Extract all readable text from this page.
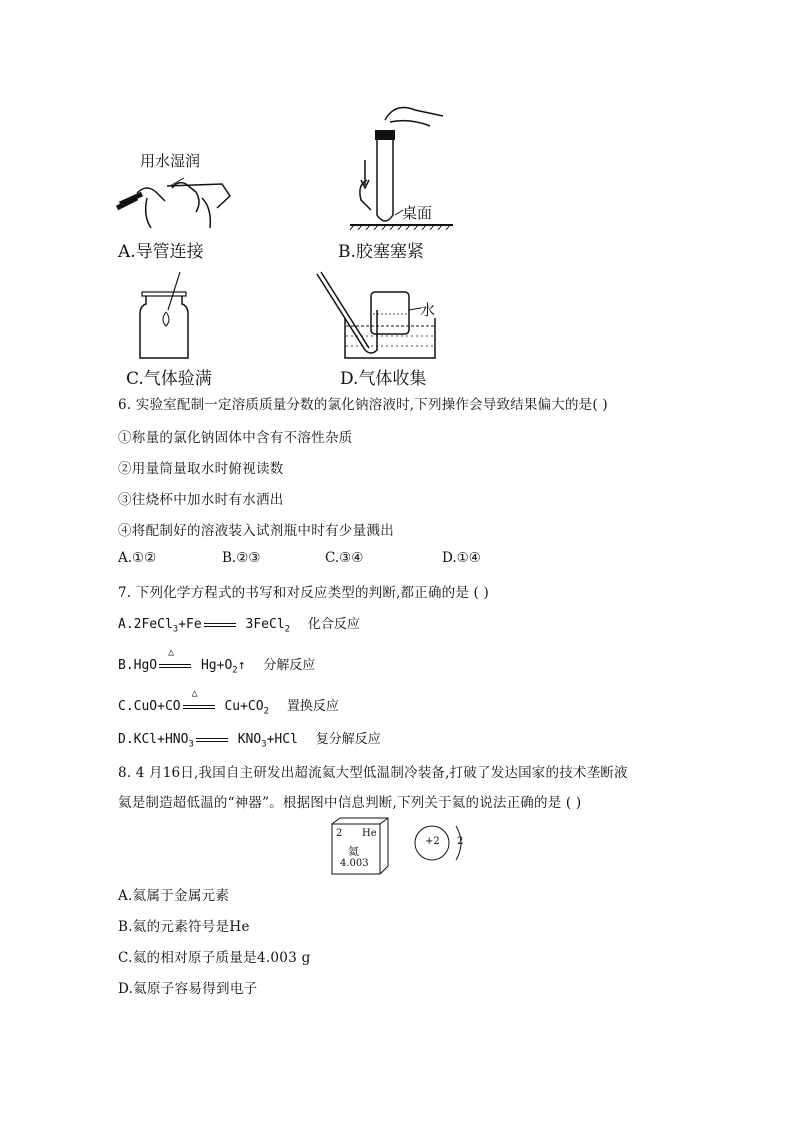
用水湿润
A.导管连接
桌面
B.胶塞塞紧
C.气体验满
水
D.气体收集
6. 实验室配制一定溶质质量分数的氯化钠溶液时,下列操作会导致结果偏大的是( )
①称量的氯化钠固体中含有不溶性杂质
②用量筒量取水时俯视读数
③往烧杯中加水时有水洒出
④将配制好的溶液装入试剂瓶中时有少量溅出
A.①②	B.②③	C.③④	D.①④
7. 下列化学方程式的书写和对反应类型的判断,都正确的是 ( )
A.2FeCl$_3$+Fe	3FeCl$_2$ 化合反应
B.HgO
△
$Hg+O_2↑$ 分解反应
C.CuO+CO
△
$Cu+CO_2$ 置换反应
$D.KCl+HNO_3$	$KNO_3+HCl$ 复分解反应
8. 4 月16日,我国自主研发出超流氦大型低温制冷装备,打破了发达国家的技术垄断液
氦是制造超低温的“神器”。根据图中信息判断,下列关于氦的说法正确的是 ( )
2 He
氦
4.003
+2 2
A.氦属于金属元素
B.氦的元素符号是He
C.氦的相对原子质量是4.003 g
D.氦原子容易得到电子
